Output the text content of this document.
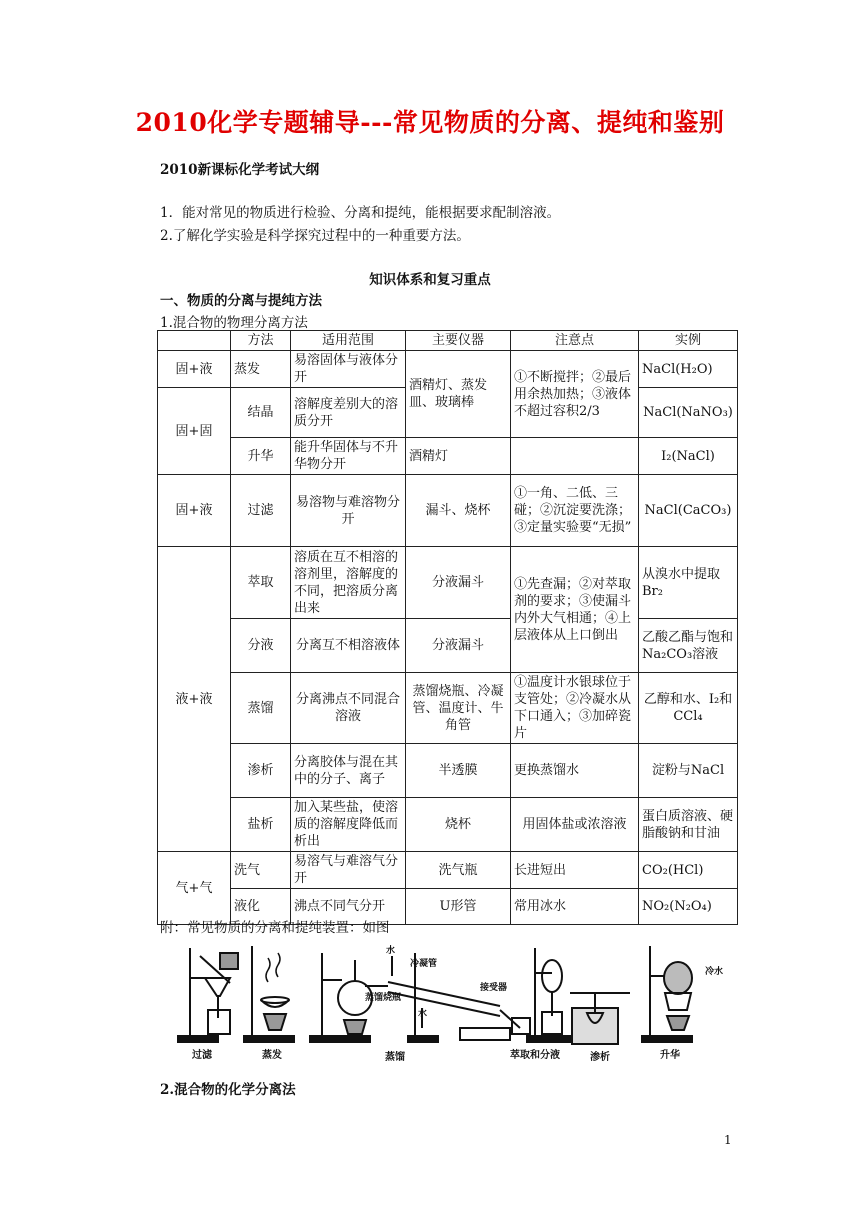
2010化学专题辅导---常见物质的分离、提纯和鉴别
2010新课标化学考试大纲
1．能对常见的物质进行检验、分离和提纯，能根据要求配制溶液。
2.了解化学实验是科学探究过程中的一种重要方法。
知识体系和复习重点
一、物质的分离与提纯方法
1.混合物的物理分离方法
	方法	适用范围	主要仪器	注意点	实例
固+液	蒸发	易溶固体与液体分开	酒精灯、蒸发皿、玻璃棒	①不断搅拌；②最后用余热加热；③液体不超过容积2/3	NaCl(H₂O)
固+固	结晶	溶解度差别大的溶质分开			NaCl(NaNO₃)
	升华	能升华固体与不升华物分开	酒精灯		I₂(NaCl)
固+液	过滤	易溶物与难溶物分开	漏斗、烧杯	①一角、二低、三碰；②沉淀要洗涤；③定量实验要“无损”	NaCl(CaCO₃)
液+液	萃取	溶质在互不相溶的溶剂里，溶解度的不同，把溶质分离出来	分液漏斗	①先查漏；②对萃取剂的要求；③使漏斗内外大气相通；④上层液体从上口倒出	从溴水中提取Br₂
	分液	分离互不相溶液体	分液漏斗		乙酸乙酯与饱和Na₂CO₃溶液
	蒸馏	分离沸点不同混合溶液	蒸馏烧瓶、冷凝管、温度计、牛角管	①温度计水银球位于支管处；②冷凝水从下口通入；③加碎瓷片	乙醇和水、I₂和CCl₄
	渗析	分离胶体与混在其中的分子、离子	半透膜	更换蒸馏水	淀粉与NaCl
	盐析	加入某些盐，使溶质的溶解度降低而析出	烧杯	用固体盐或浓溶液	蛋白质溶液、硬脂酸钠和甘油
气+气	洗气	易溶气与难溶气分开	洗气瓶	长进短出	CO₂(HCl)
	液化	沸点不同气分开	U形管	常用冰水	NO₂(N₂O₄)
附：常见物质的分离和提纯装置：如图
过滤	蒸发	蒸馏	萃取和分液	渗析	升华
水
水
冷凝管
蒸馏烧瓶
接受器
冷水
2.混合物的化学分离法
1
